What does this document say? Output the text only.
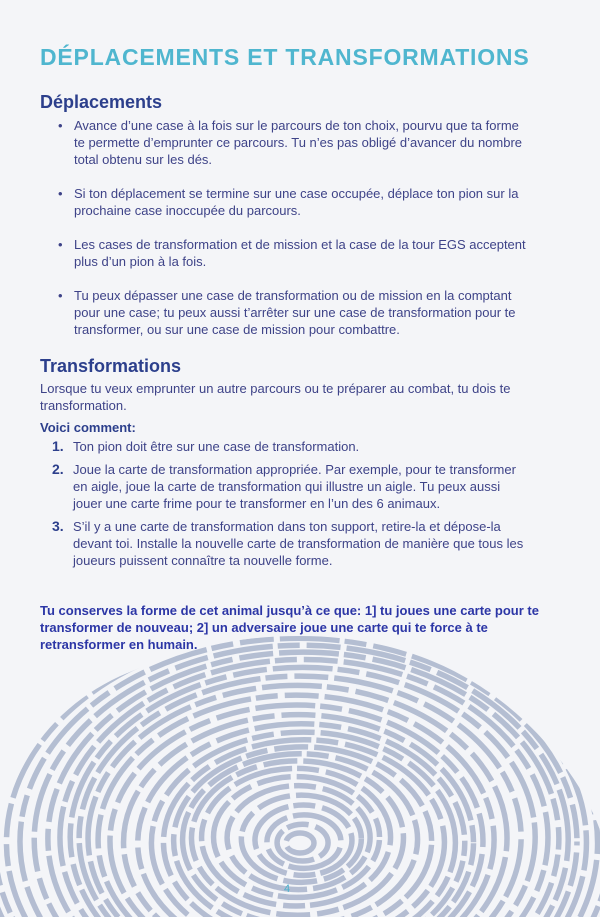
DÉPLACEMENTS ET TRANSFORMATIONS
Déplacements
• Avance d’une case à la fois sur le parcours de ton choix, pourvu que ta forme te permette d’emprunter ce parcours. Tu n’es pas obligé d’avancer du nombre total obtenu sur les dés.
• Si ton déplacement se termine sur une case occupée, déplace ton pion sur la prochaine case inoccupée du parcours.
• Les cases de transformation et de mission et la case de la tour EGS acceptent plus d’un pion à la fois.
• Tu peux dépasser une case de transformation ou de mission en la comptant pour une case; tu peux aussi t’arrêter sur une case de transformation pour te transformer, ou sur une case de mission pour combattre.
Transformations

Lorsque tu veux emprunter un autre parcours ou te préparer au combat, tu dois te transformation.

Voici comment:

1. Ton pion doit être sur une case de transformation.
2. Joue la carte de transformation appropriée. Par exemple, pour te transformer en aigle, joue la carte de transformation qui illustre un aigle. Tu peux aussi jouer une carte frime pour te transformer en l’un des 6 animaux.
3. S’il y a une carte de transformation dans ton support, retire-la et dépose-la devant toi. Installe la nouvelle carte de transformation de manière que tous les joueurs puissent connaître ta nouvelle forme.

Tu conserves la forme de cet animal jusqu’à ce que: 1] tu joues une carte pour te transformer de nouveau; 2] un adversaire joue une carte qui te force à te retransformer en humain.

4
